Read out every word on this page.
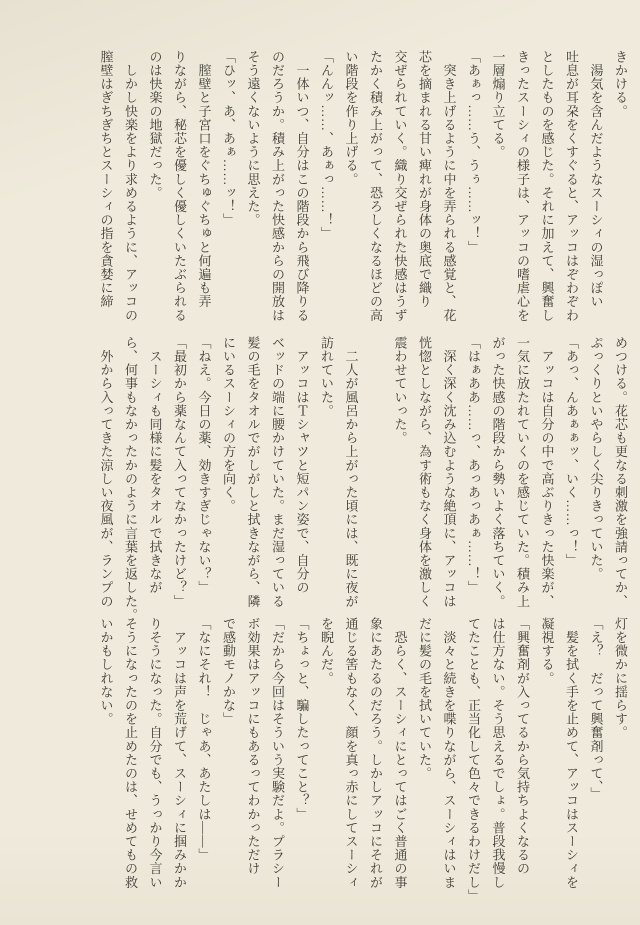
きかける。

　湯気を含んだようなスーシィの湿っぽい

吐息が耳朶をくすぐると、アッコはぞわぞわ

としたものを感じた。それに加えて、興奮し

きったスーシィの様子は、アッコの嗜虐心を

一層煽り立てる。

「あぁっ……う、うぅ……ッ！」

　突き上げるように中を弄られる感覚と、花

芯を摘まれる甘い痺れが身体の奥底で織り

交ぜられていく。織り交ぜられた快感はうず

たかく積み上がって、恐ろしくなるほどの高

い階段を作り上げる。

「んんッ……、あぁっ……！」

　一体いつ、自分はこの階段から飛び降りる

のだろうか。積み上がった快感からの開放は

そう遠くないように思えた。

「ひッ、あ、あぁ……ッ！」

　膣壁と子宮口をぐちゅぐちゅと何遍も弄

りながら、秘芯を優しく優しくいたぶられる

のは快楽の地獄だった。

　しかし快楽をより求めるように、アッコの

膣壁はぎちぎちとスーシィの指を貪婪に締

めつける。花芯も更なる刺激を強請ってか、

ぷっくりといやらしく尖りきっていた。

「あっ、んあぁぁッ、いく……っ！」

　アッコは自分の中で高ぶりきった快楽が、

一気に放たれていくのを感じていた。積み上

がった快感の階段から勢いよく落ちていく。

「はぁああ……っ、あっあっあぁ……！」

　深く深く沈み込むような絶頂に、アッコは

恍惚としながら、為す術もなく身体を激しく

震わせていった。

　二人が風呂から上がった頃には、既に夜が

訪れていた。

　アッコはＴシャツと短パン姿で、自分の

ベッドの端に腰かけていた。まだ湿っている

髪の毛をタオルでがしがしと拭きながら、隣

にいるスーシィの方を向く。

「ねえ。今日の薬、効きすぎじゃない？」

「最初から薬なんて入ってなかったけど？」

　スーシィも同様に髪をタオルで拭きなが

ら、何事もなかったかのように言葉を返した。

　外から入ってきた涼しい夜風が、ランプの

灯を微かに揺らす。

「え？　だって興奮剤って、」

　髪を拭く手を止めて、アッコはスーシィを

凝視する。

「興奮剤が入ってるから気持ちよくなるの

は仕方ない。そう思えるでしょ。普段我慢し

てたことも、正当化して色々できるわけだし」

　淡々と続きを喋りながら、スーシィはいま

だに髪の毛を拭いていた。

　恐らく、スーシィにとってはごく普通の事

象にあたるのだろう。しかしアッコにそれが

通じる筈もなく、顔を真っ赤にしてスーシィ

を睨んだ。

「ちょっと、騙したってこと？」

「だから今回はそういう実験だよ。プラシー

ボ効果はアッコにもあるってわかっただけ

で感動モノかな」

「なにそれ！　じゃあ、あたしは――」

　アッコは声を荒げて、スーシィに掴みかか

りそうになった。自分でも、うっかり今言い

そうになったのを止めたのは、せめてもの救

いかもしれない。
